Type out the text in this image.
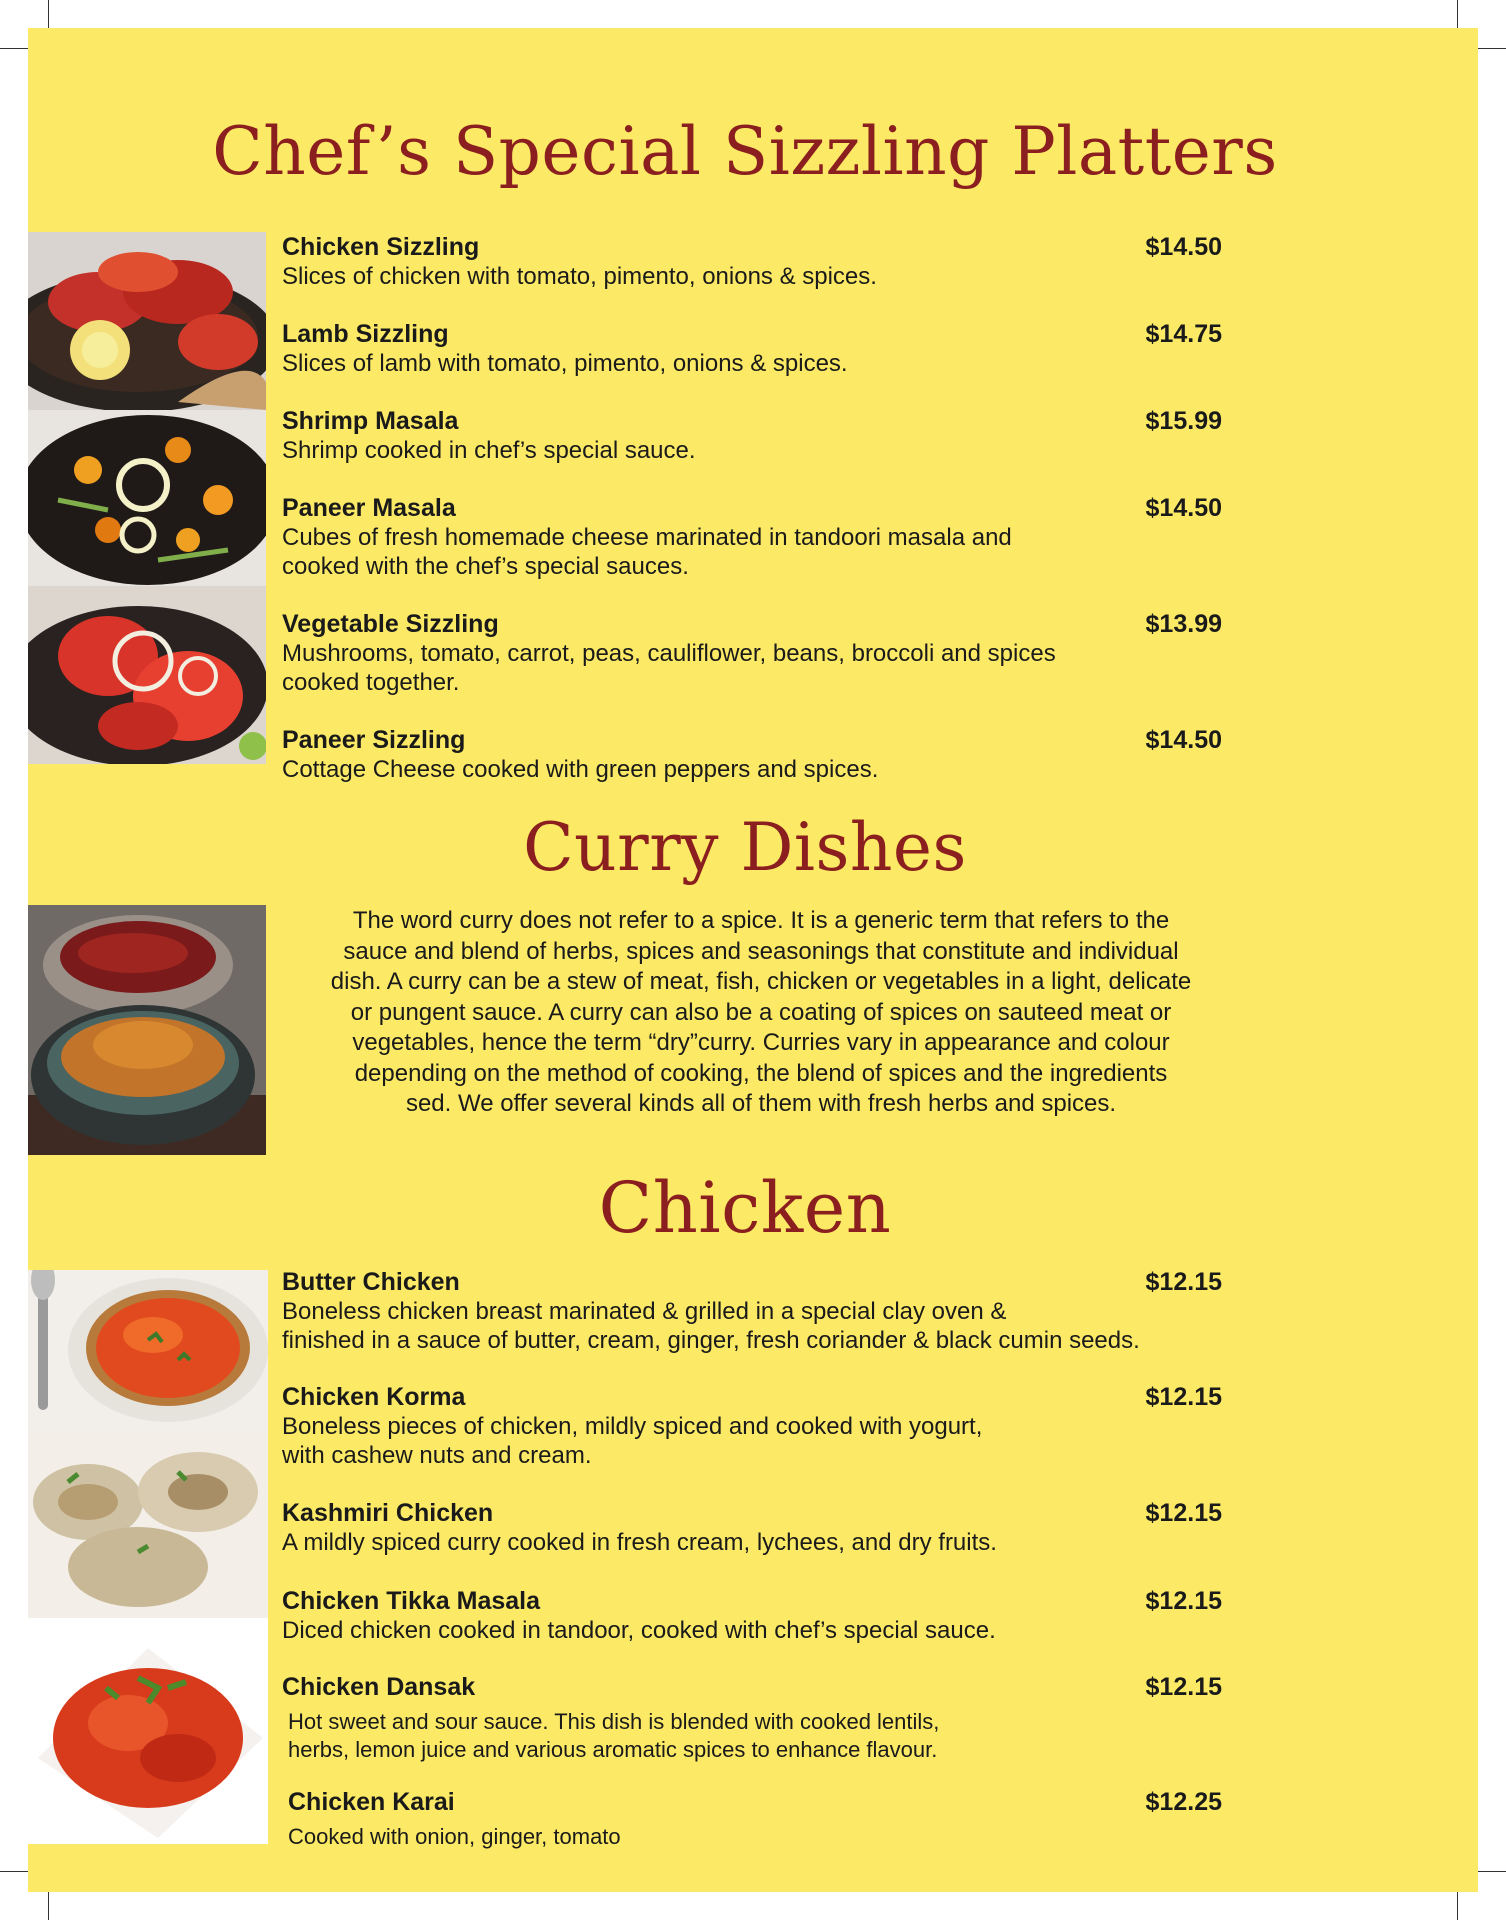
Chef’s Special Sizzling Platters
Chicken Sizzling	$14.50
Slices of chicken with tomato, pimento, onions & spices.
Lamb Sizzling	$14.75
Slices of lamb with tomato, pimento, onions & spices.
Shrimp Masala	$15.99
Shrimp cooked in chef’s special sauce.
Paneer Masala	$14.50
Cubes of fresh homemade cheese marinated in tandoori masala and
cooked with the chef’s special sauces.
Vegetable Sizzling	$13.99
Mushrooms, tomato, carrot, peas, cauliflower, beans, broccoli and spices
cooked together.
Paneer Sizzling	$14.50
Cottage Cheese cooked with green peppers and spices.
Curry Dishes
The word curry does not refer to a spice. It is a generic term that refers to the
sauce and blend of herbs, spices and seasonings that constitute and individual
dish. A curry can be a stew of meat, fish, chicken or vegetables in a light, delicate
or pungent sauce. A curry can also be a coating of spices on sauteed meat or
vegetables, hence the term “dry”curry. Curries vary in appearance and colour
depending on the method of cooking, the blend of spices and the ingredients
sed. We offer several kinds all of them with fresh herbs and spices.
Chicken
Butter Chicken	$12.15
Boneless chicken breast marinated & grilled in a special clay oven &
finished in a sauce of butter, cream, ginger, fresh coriander & black cumin seeds.
Chicken Korma	$12.15
Boneless pieces of chicken, mildly spiced and cooked with yogurt,
with cashew nuts and cream.
Kashmiri Chicken	$12.15
A mildly spiced curry cooked in fresh cream, lychees, and dry fruits.
Chicken Tikka Masala	$12.15
Diced chicken cooked in tandoor, cooked with chef’s special sauce.
Chicken Dansak	$12.15
Hot sweet and sour sauce. This dish is blended with cooked lentils,
herbs, lemon juice and various aromatic spices to enhance flavour.
Chicken Karai	$12.25
Cooked with onion, ginger, tomato
